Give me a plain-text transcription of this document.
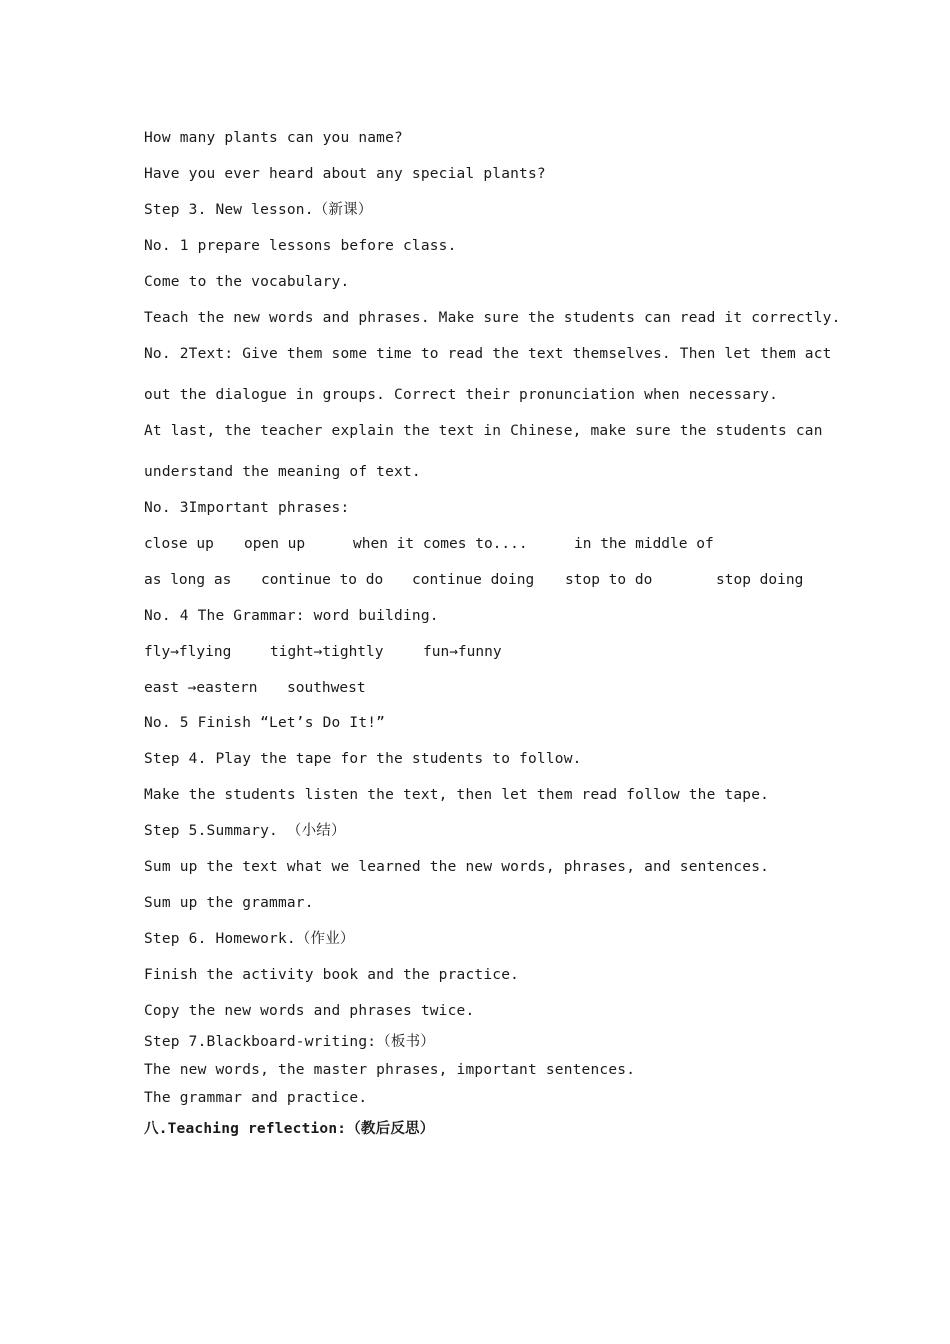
How many plants can you name?
Have you ever heard about any special plants?
Step 3. New lesson.（新课）
No. 1 prepare lessons before class.
Come to the vocabulary.
Teach the new words and phrases. Make sure the students can read it correctly.
No. 2Text: Give them some time to read the text themselves. Then let them act
out the dialogue in groups. Correct their pronunciation when necessary.
At last, the teacher explain the text in Chinese, make sure the students can
understand the meaning of text.
No. 3Important phrases:

close up

open up

	when it comes to....

	in the middle of

as long as

continue to do

continue doing

stop to do

	stop doing

No. 4 The Grammar: word building.

fly→flying

	tight→tightly

	fun→funny

east →eastern

southwest

No. 5 Finish “Let’s Do It!”
Step 4. Play the tape for the students to follow.
Make the students listen the text, then let them read follow the tape.
Step 5.Summary. （小结）
Sum up the text what we learned the new words, phrases, and sentences.
Sum up the grammar.
Step 6. Homework.（作业）
Finish the activity book and the practice.
Copy the new words and phrases twice.
Step 7.Blackboard-writing:（板书）
The new words, the master phrases, important sentences.
The grammar and practice.
八.Teaching reflection:（教后反思）
